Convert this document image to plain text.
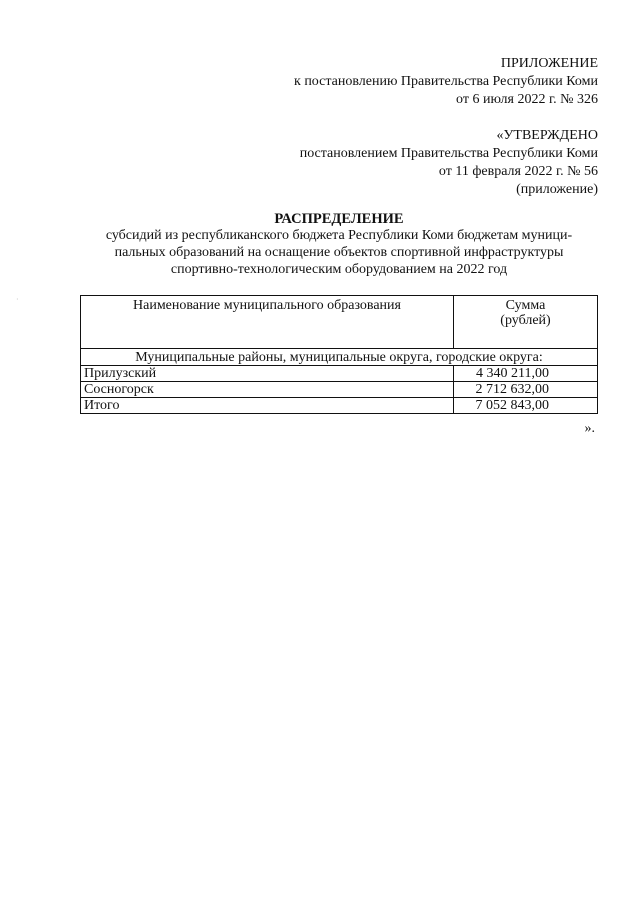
·
ПРИЛОЖЕНИЕ
к постановлению Правительства Республики Коми
от 6 июля 2022 г. № 326
«УТВЕРЖДЕНО
постановлением Правительства Республики Коми
от 11 февраля 2022 г. № 56
(приложение)
РАСПРЕДЕЛЕНИЕ
субсидий из республиканского бюджета Республики Коми бюджетам муници-
пальных образований на оснащение объектов спортивной инфраструктуры
спортивно-технологическим оборудованием на 2022 год
Наименование муниципального образования	Сумма
(рублей)

Муниципальные районы, муниципальные округа, городские округа:	
Прилузский	4 340 211,00
Сосногорск	2 712 632,00
Итого	7 052 843,00
».
